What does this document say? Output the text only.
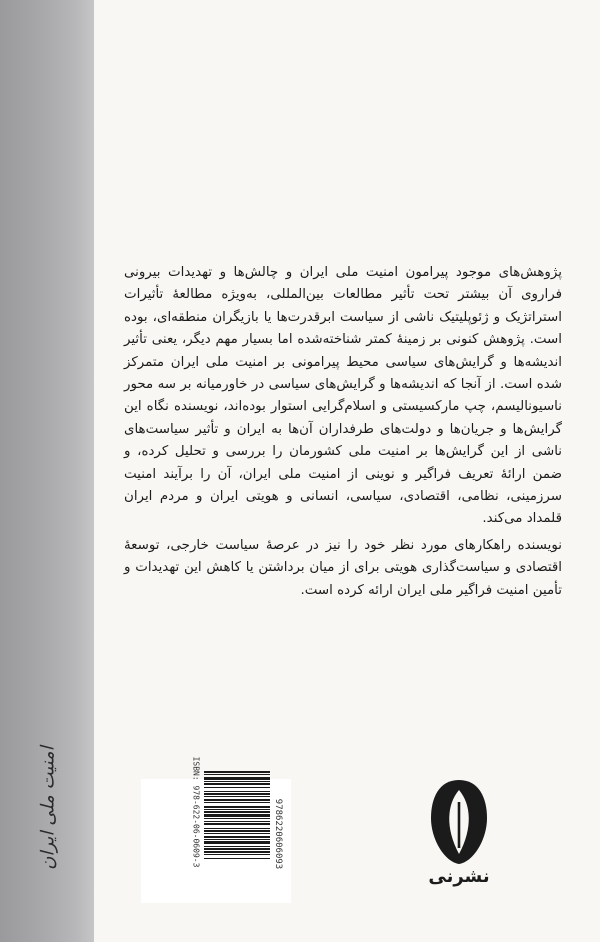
امنیت ملی ایران

پژوهش‌های موجود پیرامون امنیت ملی ایران و چالش‌ها و تهدیدات بیرونی فراروی آن بیشتر تحت تأثیر مطالعات بین‌المللی، به‌ویژه مطالعهٔ تأثیرات استراتژیک و ژئوپلیتیک ناشی از سیاست ابرقدرت‌ها یا بازیگران منطقه‌ای، بوده است. پژوهش کنونی بر زمینهٔ کمتر شناخته‌شده اما بسیار مهم دیگر، یعنی تأثیر اندیشه‌ها و گرایش‌های سیاسی محیط پیرامونی بر امنیت ملی ایران متمرکز شده است. از آنجا که اندیشه‌ها و گرایش‌های سیاسی در خاورمیانه بر سه محور ناسیونالیسم، چپ مارکسیستی و اسلام‌گرایی استوار بوده‌اند، نویسنده نگاه این گرایش‌ها و جریان‌ها و دولت‌های طرفداران آن‌ها به ایران و تأثیر سیاست‌های ناشی از این گرایش‌ها بر امنیت ملی کشورمان را بررسی و تحلیل کرده، و ضمن ارائهٔ تعریف فراگیر و نوینی از امنیت ملی ایران، آن را برآیند امنیت سرزمینی، نظامی، اقتصادی، سیاسی، انسانی و هویتی ایران و مردم ایران قلمداد می‌کند.

نویسنده راهکارهای مورد نظر خود را نیز در عرصهٔ سیاست خارجی، توسعهٔ اقتصادی و سیاست‌گذاری هویتی برای از میان برداشتن یا کاهش این تهدیدات و تأمین امنیت فراگیر ملی ایران ارائه کرده است.

ISBN: 978-622-06-0609-3	9786220606093
نشرنی
